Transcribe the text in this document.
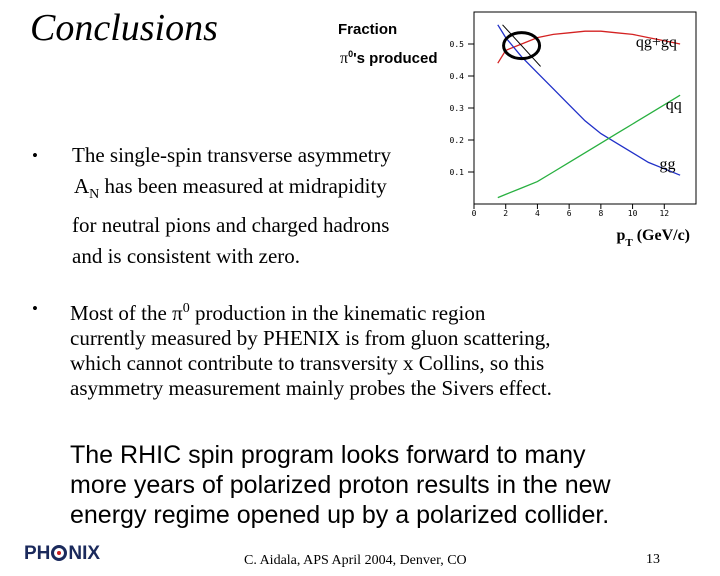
Conclusions	Fraction
$\pi^0's$ produced
0.1
0.2
0.3
0.4
0.5
0	2	4	6	8	10	12
qg+gq
gg
qq
$p_T$ (GeV/c)
• The single-spin transverse asymmetry
$A_N$ has been measured at midrapidity
for neutral pions and charged hadrons
and is consistent with zero.
• Most of the $\pi^0$ production in the kinematic region
currently measured by PHENIX is from gluon scattering,
which cannot contribute to transversity x Collins, so this
asymmetry measurement mainly probes the Sivers effect.
The RHIC spin program looks forward to many
more years of polarized proton results in the new
energy regime opened up by a polarized collider.
PH NIX	C. Aidala, APS April 2004, Denver, CO	13
